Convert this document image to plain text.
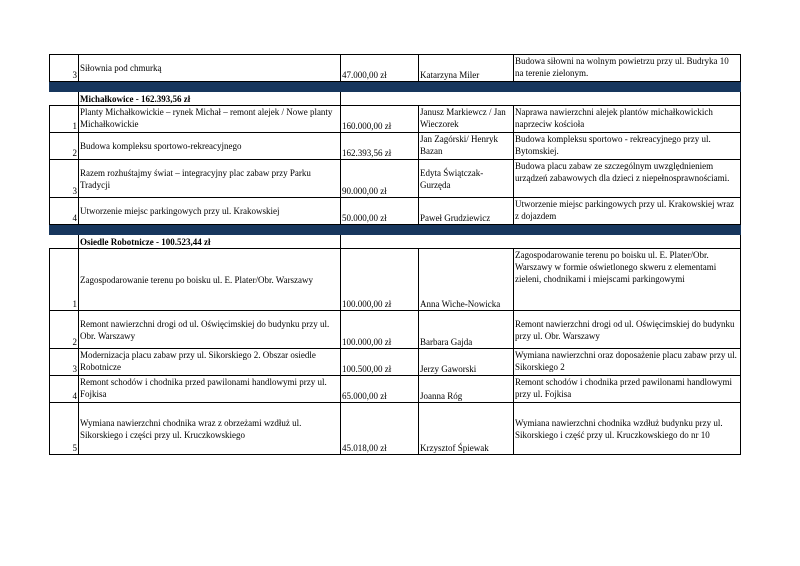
3	Siłownia pod chmurką	47.000,00 zł	Katarzyna Miler	Budowa siłowni na wolnym powietrzu przy ul. Budryka 10 na terenie zielonym.

	Michałkowice - 162.393,56 zł			
1	Planty Michałkowickie – rynek Michał – remont alejek / Nowe planty Michałkowickie	160.000,00 zł	Janusz Markiewcz / Jan Wieczorek	Naprawa nawierzchni alejek plantów michałkowickich naprzeciw kościoła
2	Budowa kompleksu sportowo-rekreacyjnego	162.393,56 zł	Jan Zagórski/ Henryk Bazan	Budowa kompleksu sportowo - rekreacyjnego przy ul. Bytomskiej.
3	Razem rozhuśtajmy świat – integracyjny plac zabaw przy Parku Tradycji	90.000,00 zł	Edyta Świątczak-Gurzęda	Budowa placu zabaw ze szczególnym uwzględnieniem urządzeń zabawowych dla dzieci z niepełnosprawnościami.
4	Utworzenie miejsc parkingowych przy ul. Krakowskiej	50.000,00 zł	Paweł Grudziewicz	Utworzenie miejsc parkingowych przy ul. Krakowskiej wraz z dojazdem

	Osiedle Robotnicze - 100.523,44 zł			
1	Zagospodarowanie terenu po boisku ul. E. Plater/Obr. Warszawy	100.000,00 zł	Anna Wiche-Nowicka	Zagospodarowanie terenu po boisku ul. E. Plater/Obr. Warszawy w formie oświetlonego skweru z elementami zieleni, chodnikami i miejscami parkingowymi
2	Remont nawierzchni drogi od ul. Oświęcimskiej do budynku przy ul. Obr. Warszawy	100.000,00 zł	Barbara Gajda	Remont nawierzchni drogi od ul. Oświęcimskiej do budynku przy ul. Obr. Warszawy
3	Modernizacja placu zabaw przy ul. Sikorskiego 2. Obszar osiedle Robotnicze	100.500,00 zł	Jerzy Gaworski	Wymiana nawierzchni oraz doposażenie placu zabaw przy ul. Sikorskiego 2
4	Remont schodów i chodnika przed pawilonami handlowymi przy ul. Fojkisa	65.000,00 zł	Joanna Róg	Remont schodów i chodnika przed pawilonami handlowymi przy ul. Fojkisa
5	Wymiana nawierzchni chodnika wraz z obrzeżami wzdłuż ul. Sikorskiego i części przy ul. Kruczkowskiego	45.018,00 zł	Krzysztof Śpiewak	Wymiana nawierzchni chodnika wzdłuż budynku przy ul. Sikorskiego i część przy ul. Kruczkowskiego do nr 10
